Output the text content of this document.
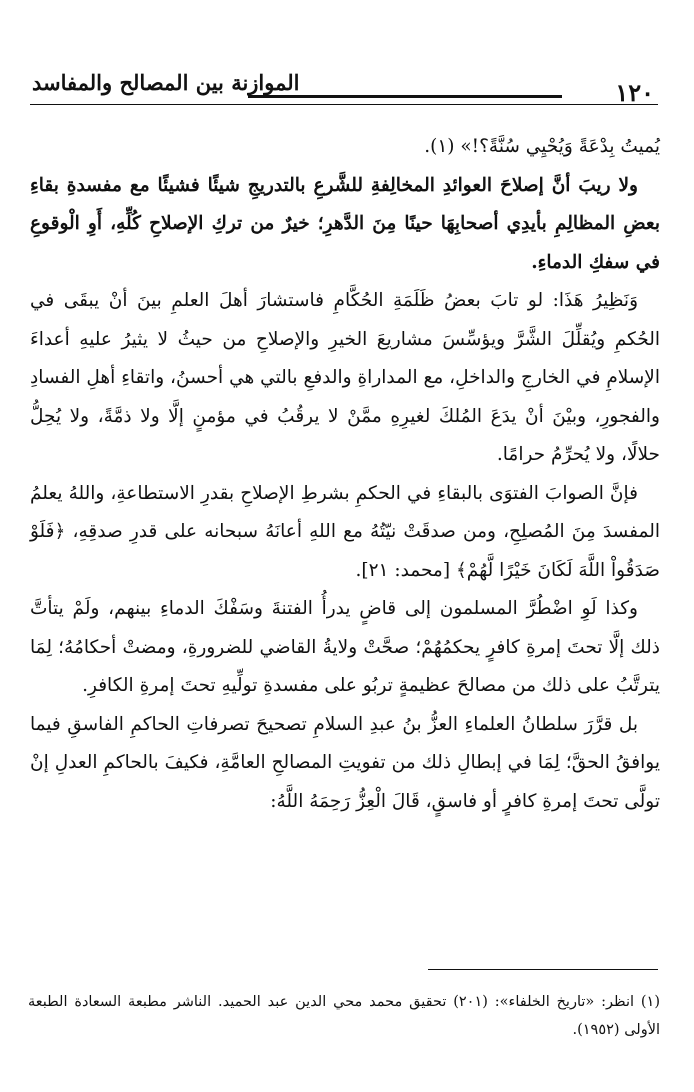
١٢٠
الموازنة بين المصالح والمفاسد

يُميتُ بِدْعَةً وَيُحْيِي سُنَّةً؟!» (١).

ولا ريبَ أنَّ إصلاحَ العوائدِ المخالِفةِ للشَّرعِ بالتدريجِ شيئًا فشيئًا مع مفسدةِ بقاءِ بعضِ المظالِمِ بأيدِي أصحابِهَا حينًا مِنَ الدَّهرِ؛ خيرٌ من تركِ الإصلاحِ كُلِّهِ، أَوِ الْوقوعِ في سفكِ الدماءِ.

وَنَظِيرُ هَذَا: لو تابَ بعضُ ظَلَمَةِ الحُكَّامِ فاستشارَ أهلَ العلمِ بينَ أنْ يبقَى في الحُكمِ ويُقلِّلَ الشَّرَّ ويؤسِّسَ مشاريعَ الخيرِ والإصلاحِ من حيثُ لا يثيرُ عليهِ أعداءَ الإسلامِ في الخارجِ والداخلِ، مع المداراةِ والدفعِ بالتي هي أحسنُ، واتقاءِ أهلِ الفسادِ والفجورِ، وبيْنَ أنْ يدَعَ المُلكَ لغيرِهِ ممَّنْ لا يرقُبُ في مؤمنٍ إلَّا ولا ذمَّةً، ولا يُحِلُّ حلالًا، ولا يُحرِّمُ حرامًا.

فإنَّ الصوابَ الفتوَى بالبقاءِ في الحكمِ بشرطِ الإصلاحِ بقدرِ الاستطاعةِ، واللهُ يعلمُ المفسدَ مِنَ المُصلِحِ، ومن صدقَتْ نيّتُهُ مع اللهِ أعانَهُ سبحانه على قدرِ صدقِهِ، ﴿فَلَوْ صَدَقُواْ اللَّهَ لَكَانَ خَيْرًا لَّهُمْ﴾ [محمد: ٢١].

وكذا لَوِ اضْطُرَّ المسلمون إلى قاضٍ يدرأُ الفتنةَ وسَفْكَ الدماءِ بينهم، ولَمْ يتأتَّ ذلك إلَّا تحتَ إمرةِ كافرٍ يحكمُهُمْ؛ صحَّتْ ولايةُ القاضي للضرورةِ، ومضتْ أحكامُهُ؛ لِمَا يترتَّبُ على ذلك من مصالحَ عظيمةٍ تربُو على مفسدةِ تولِّيهِ تحتَ إمرةِ الكافرِ.

بل قرَّرَ سلطانُ العلماءِ العزُّ بنُ عبدِ السلامِ تصحيحَ تصرفاتِ الحاكمِ الفاسقِ فيما يوافقُ الحقَّ؛ لِمَا في إبطالِ ذلك من تفويتِ المصالحِ العامَّةِ، فكيفَ بالحاكمِ العدلِ إنْ تولَّى تحتَ إمرةِ كافرٍ أو فاسقٍ، قَالَ الْعِزُّ رَحِمَهُ اللَّهُ:

(١) انظر: «تاريخ الخلفاء»: (٢٠١) تحقيق محمد محي الدين عبد الحميد. الناشر مطبعة السعادة الطبعة الأولى (١٩٥٢).
